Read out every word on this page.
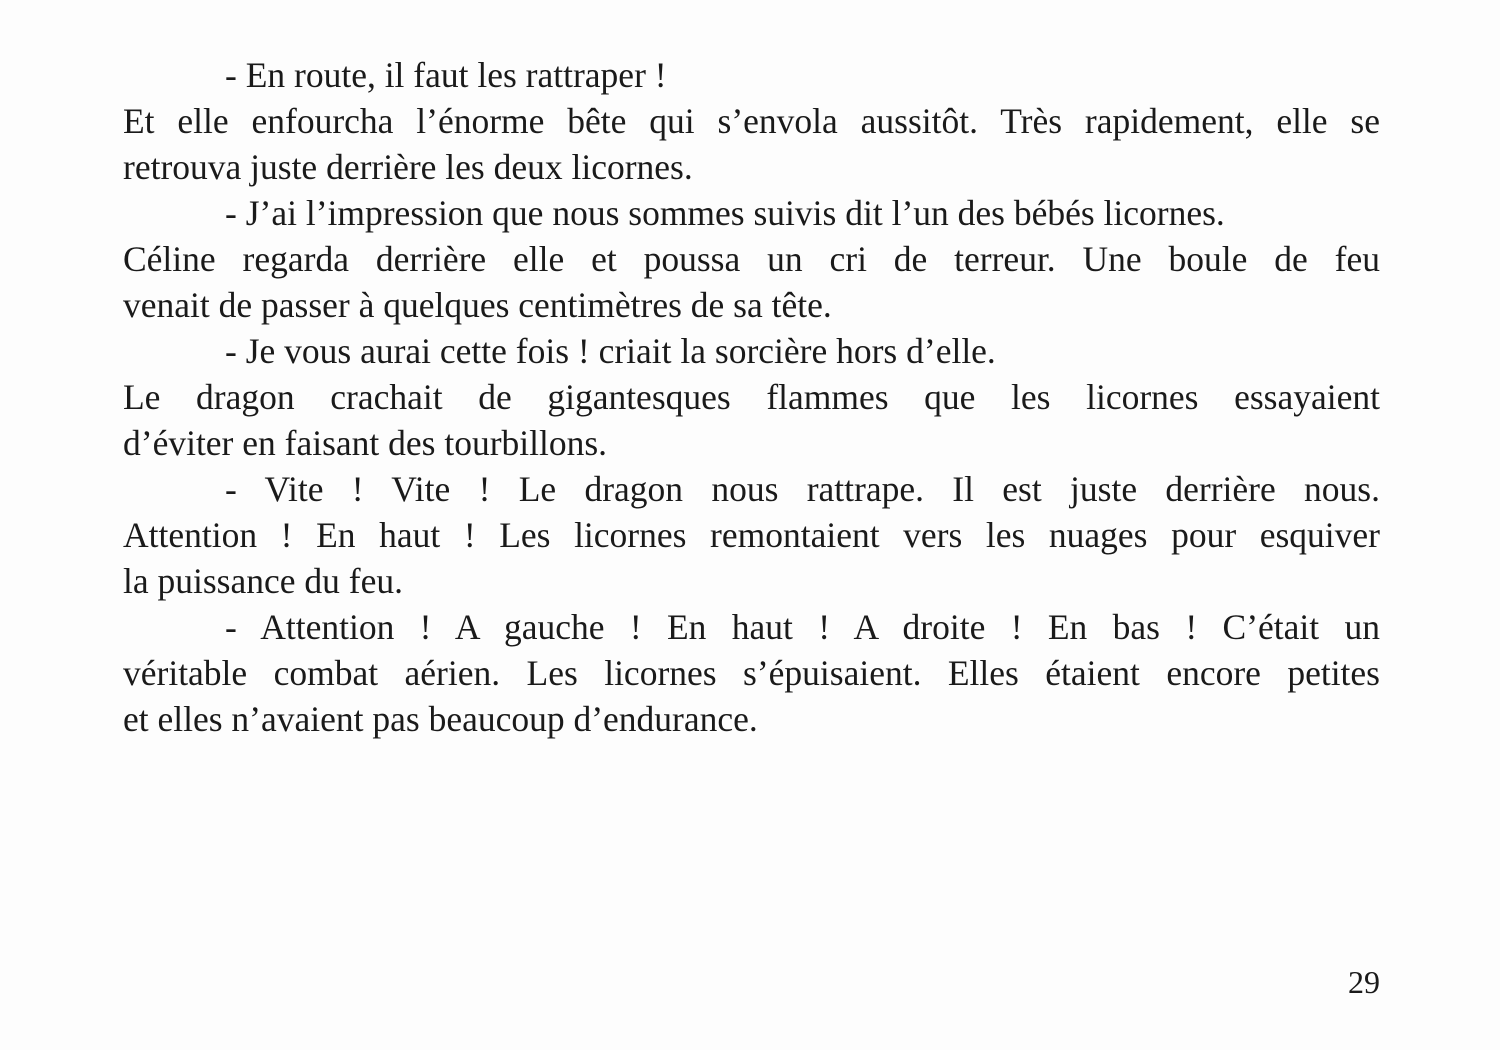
- En route, il faut les rattraper !
Et elle enfourcha l’énorme bête qui s’envola aussitôt. Très rapidement, elle se
retrouva juste derrière les deux licornes.
- J’ai l’impression que nous sommes suivis dit l’un des bébés licornes.
Céline regarda derrière elle et poussa un cri de terreur. Une boule de feu
venait de passer à quelques centimètres de sa tête.
- Je vous aurai cette fois ! criait la sorcière hors d’elle.
Le dragon crachait de gigantesques flammes que les licornes essayaient
d’éviter en faisant des tourbillons.
- Vite ! Vite ! Le dragon nous rattrape. Il est juste derrière nous.
Attention ! En haut ! Les licornes remontaient vers les nuages pour esquiver
la puissance du feu.
- Attention ! A gauche ! En haut ! A droite ! En bas ! C’était un
véritable combat aérien. Les licornes s’épuisaient. Elles étaient encore petites
et elles n’avaient pas beaucoup d’endurance.
29
